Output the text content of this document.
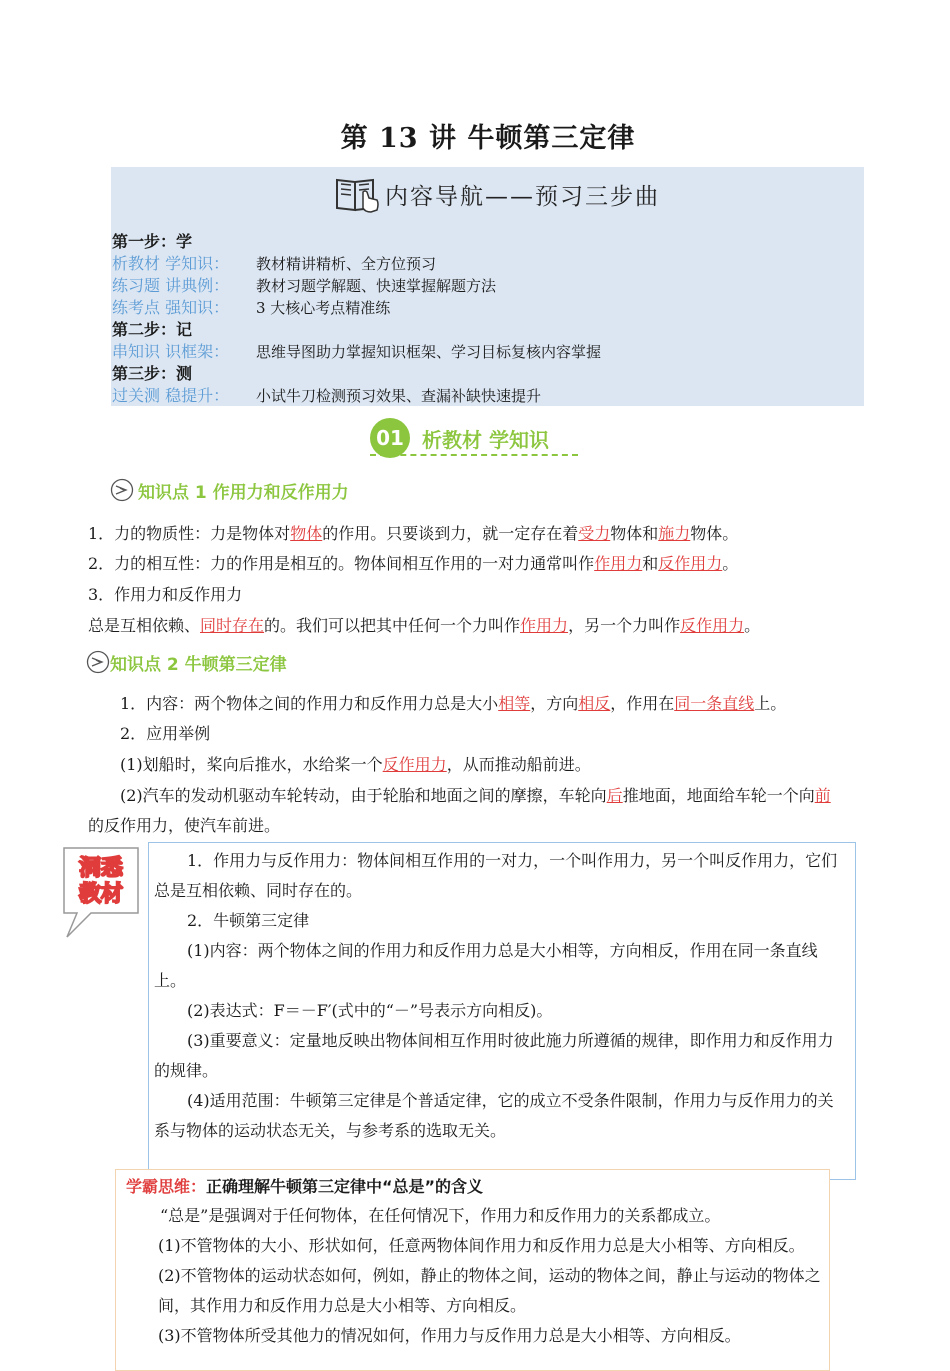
第 13 讲 牛顿第三定律
内容导航——预习三步曲
第一步：学
析教材 学知识： 教材精讲精析、全方位预习
练习题 讲典例： 教材习题学解题、快速掌握解题方法
练考点 强知识： 3 大核心考点精准练
第二步：记
串知识 识框架： 思维导图助力掌握知识框架、学习目标复核内容掌握
第三步：测
过关测 稳提升： 小试牛刀检测预习效果、查漏补缺快速提升
01 析教材 学知识
知识点 1 作用力和反作用力
1．力的物质性：力是物体对物体的作用。只要谈到力，就一定存在着受力物体和施力物体。
2．力的相互性：力的作用是相互的。物体间相互作用的一对力通常叫作作用力和反作用力。
3．作用力和反作用力
总是互相依赖、同时存在的。我们可以把其中任何一个力叫作作用力，另一个力叫作反作用力。
知识点 2 牛顿第三定律
1．内容：两个物体之间的作用力和反作用力总是大小相等，方向相反，作用在同一条直线上。
2．应用举例
(1)划船时，桨向后推水，水给桨一个反作用力，从而推动船前进。
(2)汽车的发动机驱动车轮转动，由于轮胎和地面之间的摩擦，车轮向后推地面，地面给车轮一个向前
的反作用力，使汽车前进。
洞悉
教材

1．作用力与反作用力：物体间相互作用的一对力，一个叫作用力，另一个叫反作用力，它们总是互相依赖、同时存在的。

2．牛顿第三定律

(1)内容：两个物体之间的作用力和反作用力总是大小相等，方向相反，作用在同一条直线上。

(2)表达式：F＝－F′(式中的“－”号表示方向相反)。

(3)重要意义：定量地反映出物体间相互作用时彼此施力所遵循的规律，即作用力和反作用力的规律。

(4)适用范围：牛顿第三定律是个普适定律，它的成立不受条件限制，作用力与反作用力的关系与物体的运动状态无关，与参考系的选取无关。

学霸思维：正确理解牛顿第三定律中“总是”的含义

“总是”是强调对于任何物体，在任何情况下，作用力和反作用力的关系都成立。

(1)不管物体的大小、形状如何，任意两物体间作用力和反作用力总是大小相等、方向相反。

(2)不管物体的运动状态如何，例如，静止的物体之间，运动的物体之间，静止与运动的物体之间，其作用力和反作用力总是大小相等、方向相反。

(3)不管物体所受其他力的情况如何，作用力与反作用力总是大小相等、方向相反。
